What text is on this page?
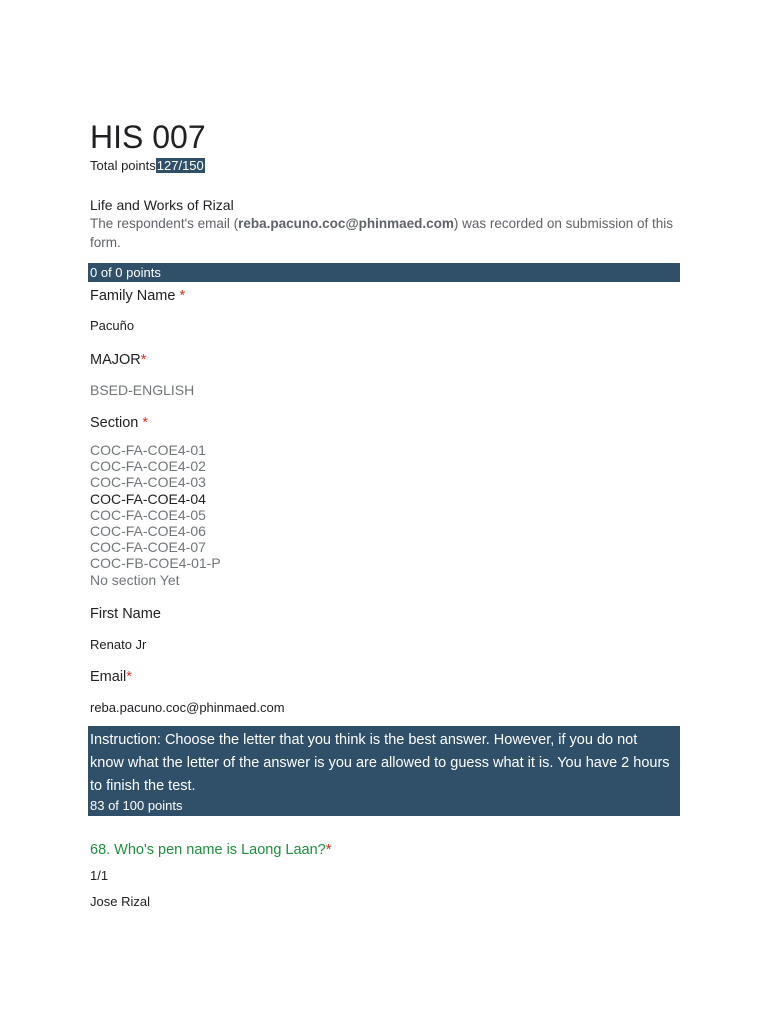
HIS 007
Total points127/150
Life and Works of Rizal
The respondent's email (reba.pacuno.coc@phinmaed.com) was recorded on submission of this form.
0 of 0 points
Family Name *
Pacuño
MAJOR*
BSED-ENGLISH
Section *
COC-FA-COE4-01
COC-FA-COE4-02
COC-FA-COE4-03
COC-FA-COE4-04
COC-FA-COE4-05
COC-FA-COE4-06
COC-FA-COE4-07
COC-FB-COE4-01-P
No section Yet
First Name
Renato Jr
Email*
reba.pacuno.coc@phinmaed.com
Instruction: Choose the letter that you think is the best answer. However, if you do not know what the letter of the answer is you are allowed to guess what it is. You have 2 hours to finish the test.
83 of 100 points
68. Who's pen name is Laong Laan?*
1/1
Jose Rizal
